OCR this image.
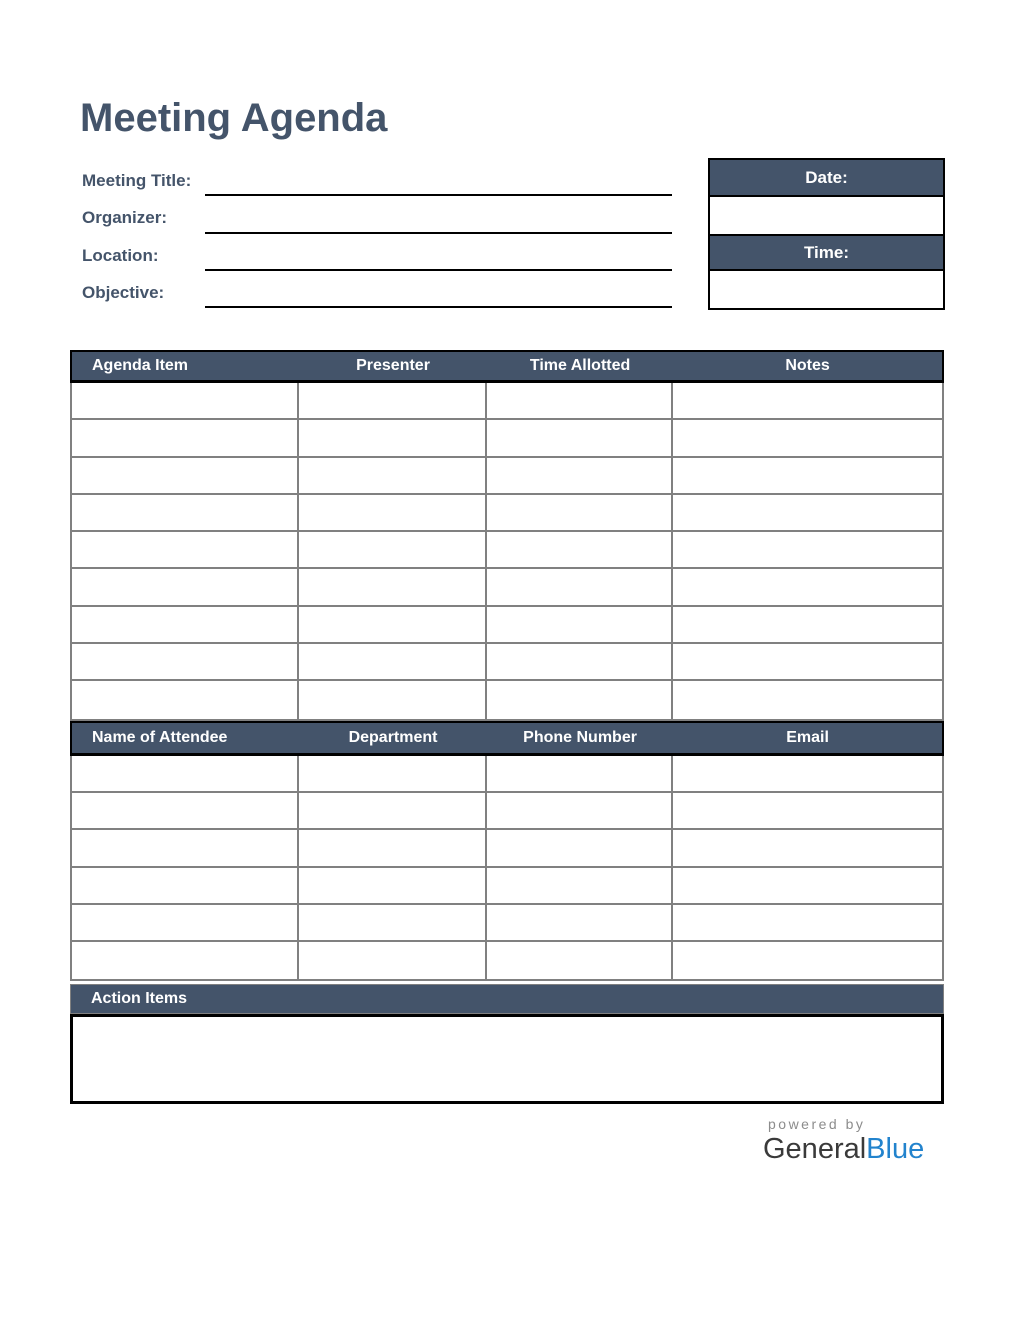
Meeting Agenda
Meeting Title:
Organizer:
Location:
Objective:
Date:
Time:
Agenda Item	Presenter	Time Allotted	Notes
Name of Attendee	Department	Phone Number	Email
Action Items
powered by
GeneralBlue
